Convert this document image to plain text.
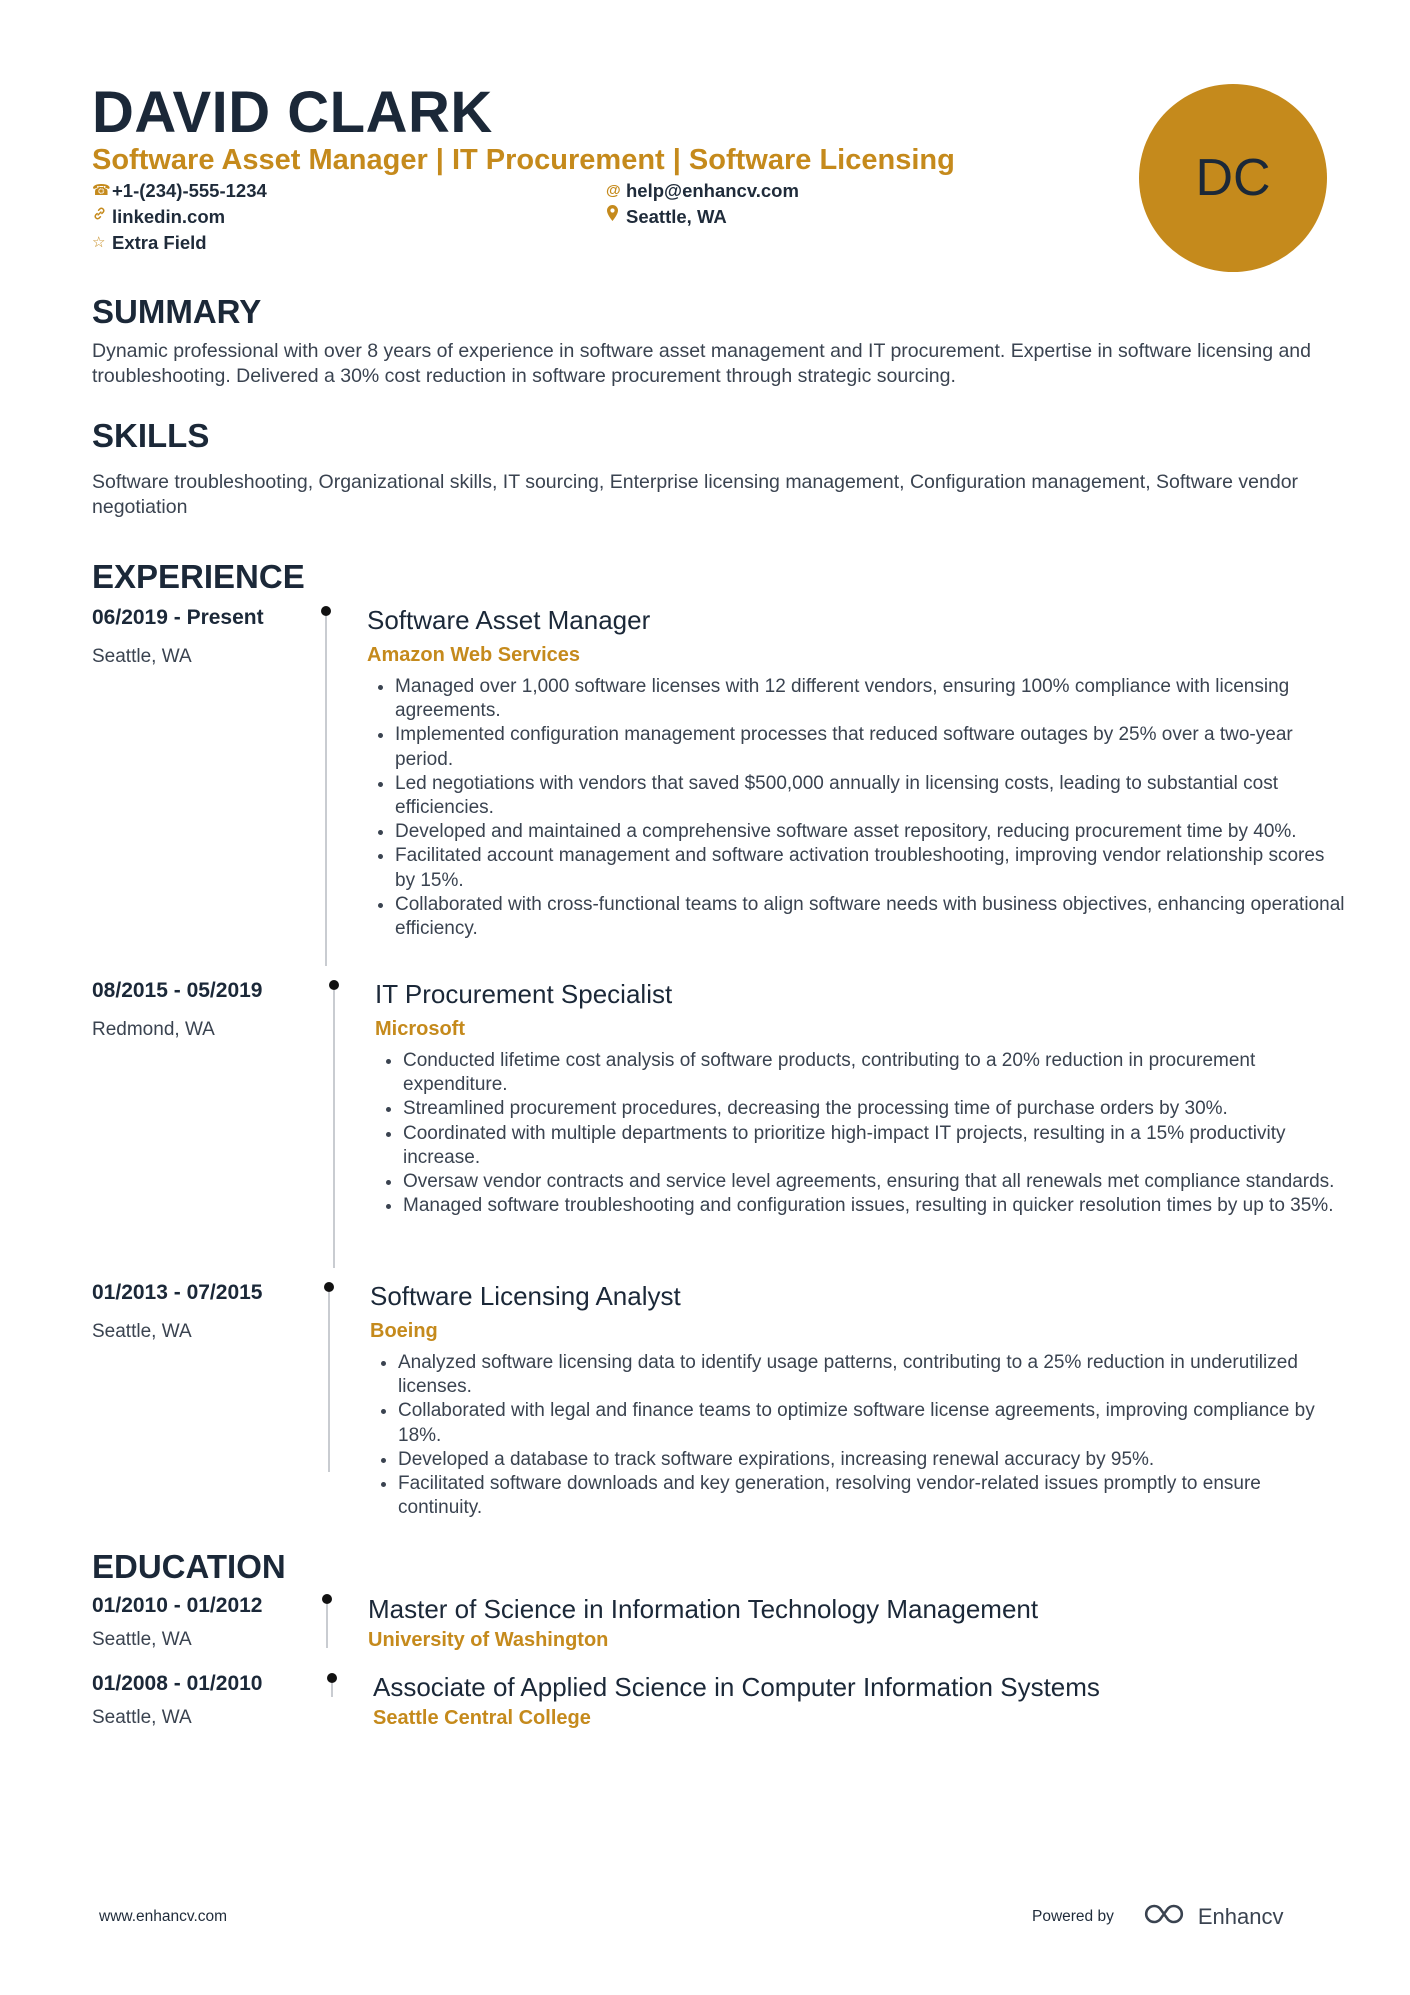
DAVID CLARK
Software Asset Manager | IT Procurement | Software Licensing
☎ +1-(234)-555-1234	@ help@enhancv.com
linkedin.com	Seattle, WA
☆ Extra Field
DC
SUMMARY

Dynamic professional with over 8 years of experience in software asset management and IT procurement. Expertise in software licensing and troubleshooting. Delivered a 30% cost reduction in software procurement through strategic sourcing.

SKILLS

Software troubleshooting, Organizational skills, IT sourcing, Enterprise licensing management, Configuration management, Software vendor negotiation

EXPERIENCE
06/2019 - Present
Seattle, WA
Software Asset Manager
Amazon Web Services
• Managed over 1,000 software licenses with 12 different vendors, ensuring 100% compliance with licensing agreements.
• Implemented configuration management processes that reduced software outages by 25% over a two-year period.
• Led negotiations with vendors that saved $500,000 annually in licensing costs, leading to substantial cost efficiencies.
• Developed and maintained a comprehensive software asset repository, reducing procurement time by 40%.
• Facilitated account management and software activation troubleshooting, improving vendor relationship scores by 15%.
• Collaborated with cross-functional teams to align software needs with business objectives, enhancing operational efficiency.
08/2015 - 05/2019
Redmond, WA
IT Procurement Specialist
Microsoft
• Conducted lifetime cost analysis of software products, contributing to a 20% reduction in procurement expenditure.
• Streamlined procurement procedures, decreasing the processing time of purchase orders by 30%.
• Coordinated with multiple departments to prioritize high-impact IT projects, resulting in a 15% productivity increase.
• Oversaw vendor contracts and service level agreements, ensuring that all renewals met compliance standards.
• Managed software troubleshooting and configuration issues, resulting in quicker resolution times by up to 35%.
01/2013 - 07/2015
Seattle, WA
Software Licensing Analyst
Boeing
• Analyzed software licensing data to identify usage patterns, contributing to a 25% reduction in underutilized licenses.
• Collaborated with legal and finance teams to optimize software license agreements, improving compliance by 18%.
• Developed a database to track software expirations, increasing renewal accuracy by 95%.
• Facilitated software downloads and key generation, resolving vendor-related issues promptly to ensure continuity.
EDUCATION
01/2010 - 01/2012
Seattle, WA
Master of Science in Information Technology Management
University of Washington
01/2008 - 01/2010
Seattle, WA
Associate of Applied Science in Computer Information Systems
Seattle Central College
www.enhancv.com	Powered by	Enhancv
